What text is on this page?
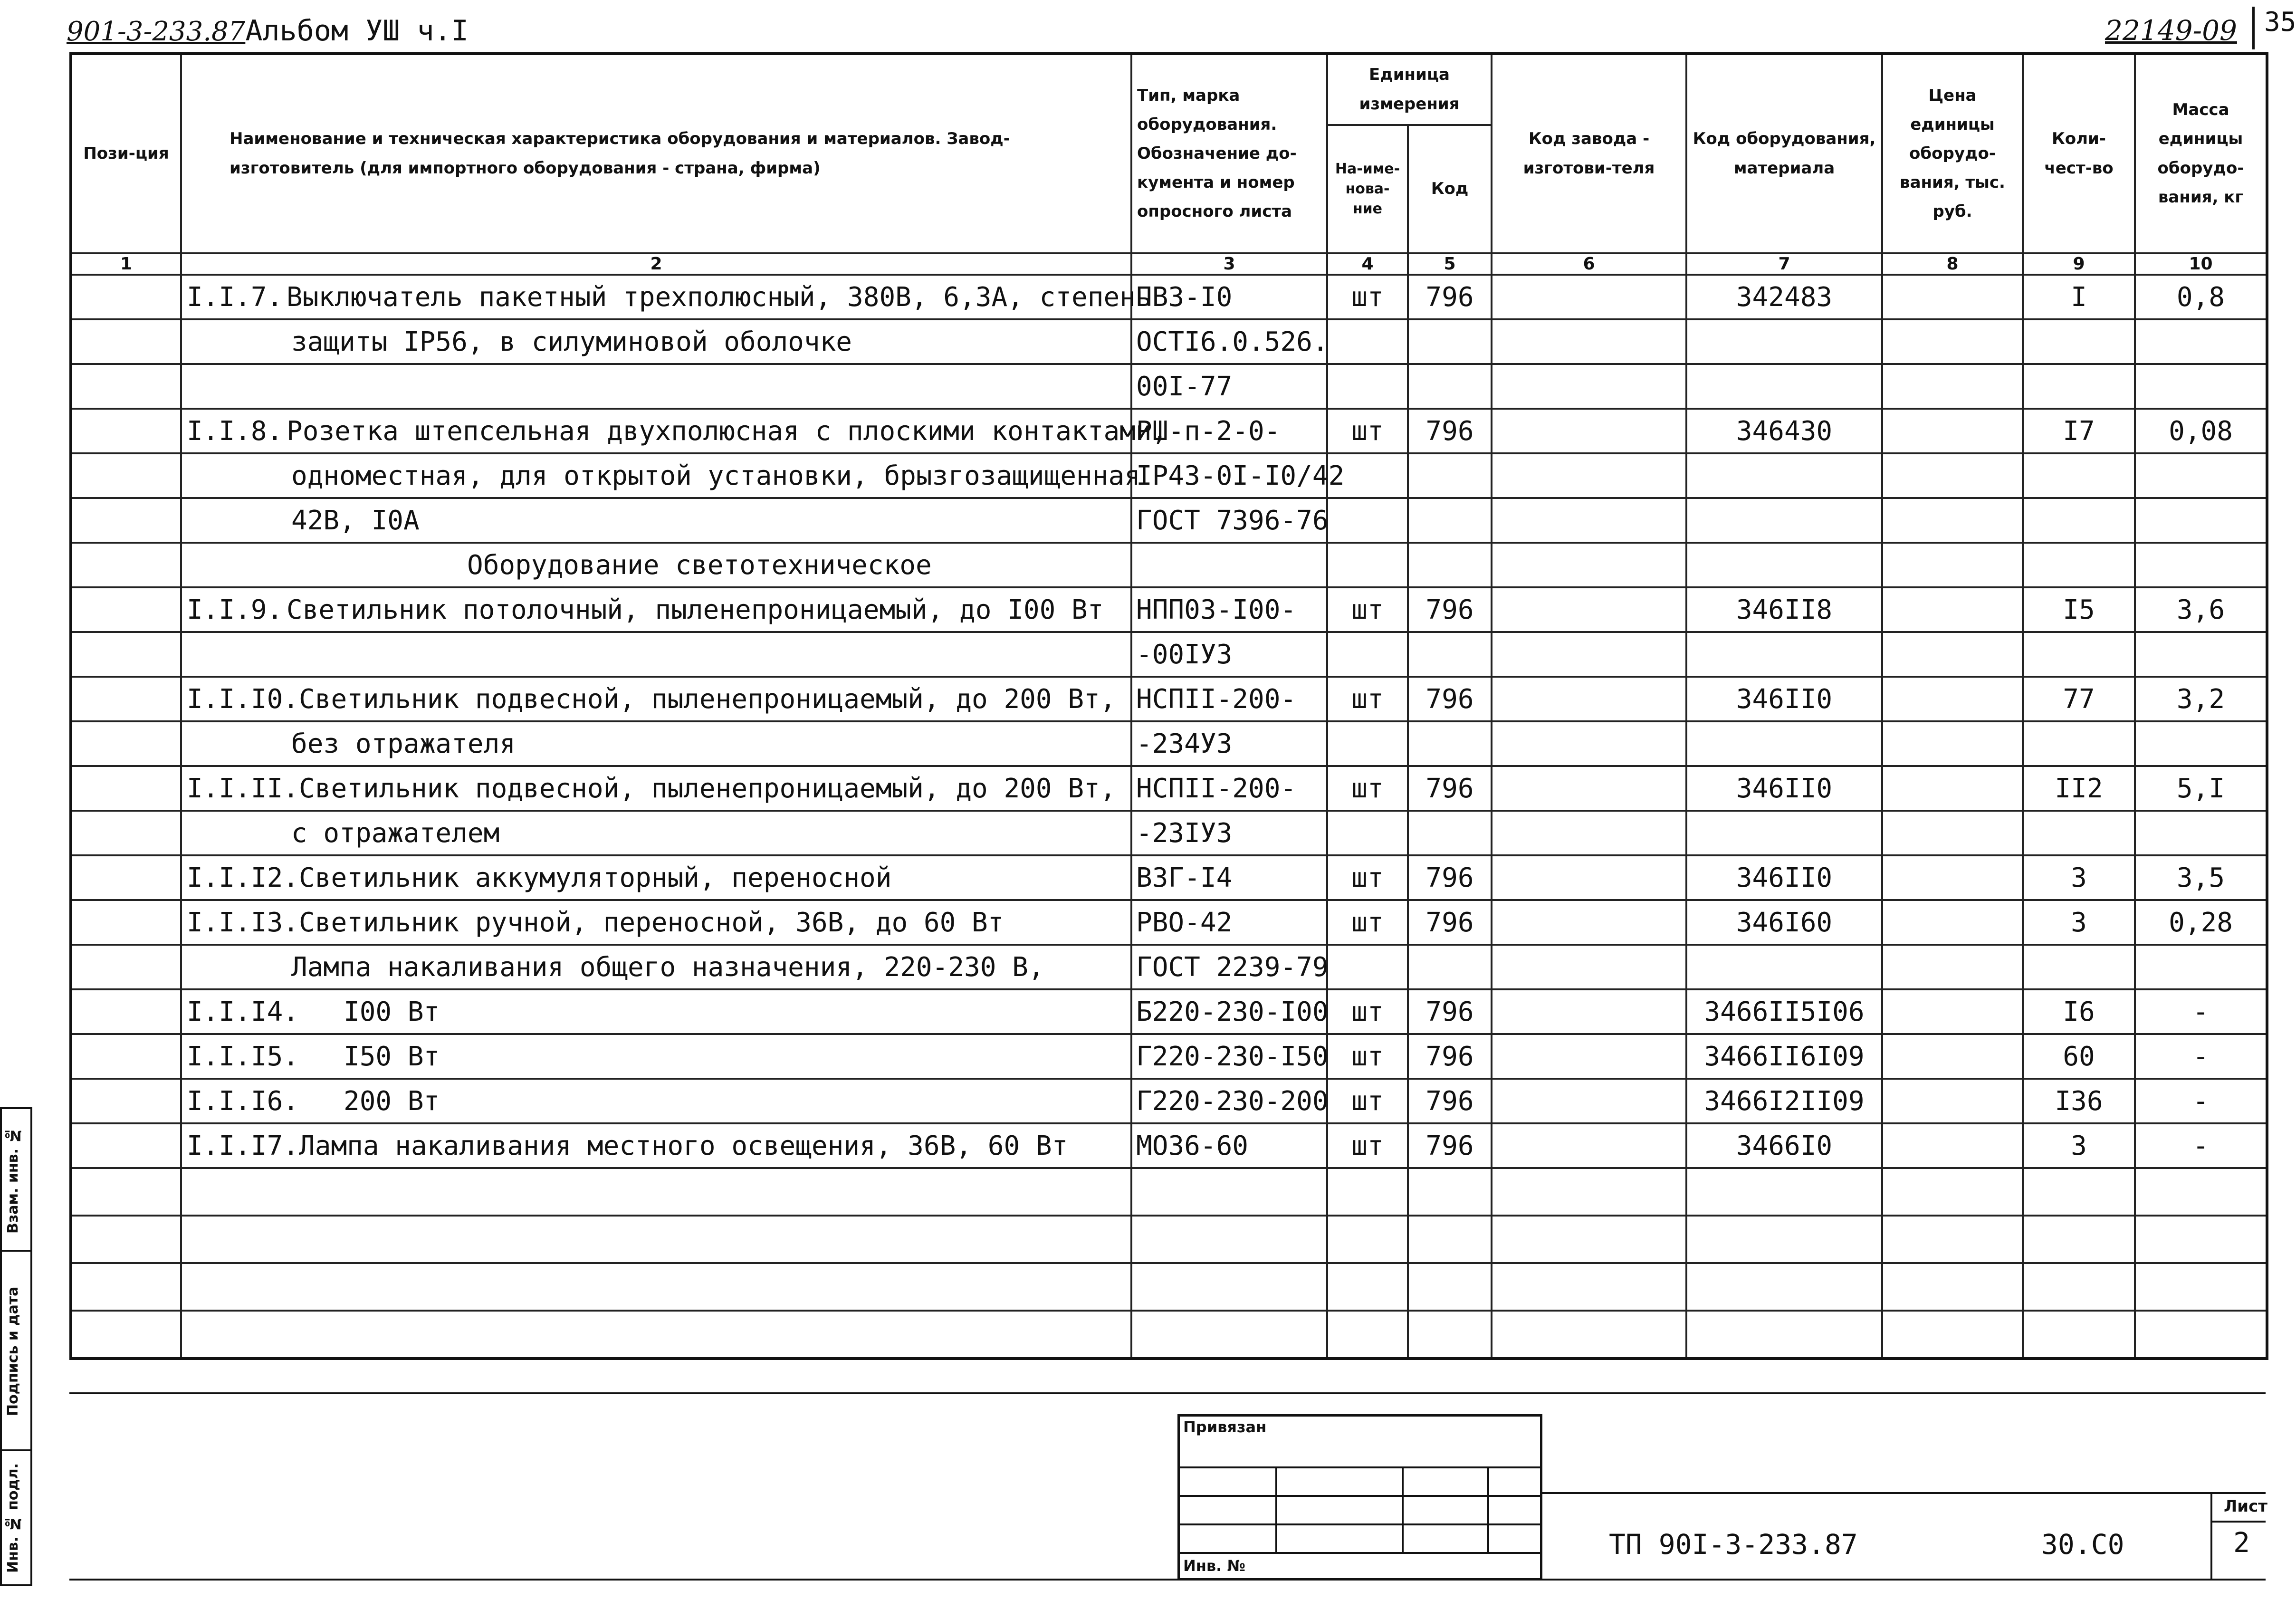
901-3-233.87Альбом УШ ч.I	22149-09	35
Пози-ция	Наименование и техническая характеристика оборудования и материалов. Завод-изготовитель (для импортного оборудования - страна, фирма)	Тип, марка оборудования. Обозначение до-кумента и номер опросного листа	Единица измерения		Код завода - изготови-теля	Код оборудования, материала	Цена единицы оборудо-вания, тыс. руб.	Коли-чест-во	Масса единицы оборудо-вания, кг
			На-име-нова-ние	Код					
1	2	3	4	5	6	7	8	9	10
	I.I.7. Выключатель пакетный трехполюсный, 380В, 6,3А, степень	ПВЗ-I0	шт	796		342483		I	0,8
	защиты IP56, в силуминовой оболочке	ОСТI6.0.526.							
		00I-77							
	I.I.8. Розетка штепсельная двухполюсная с плоскими контактами,	РШ-п-2-0-	шт	796		346430		I7	0,08
	одноместная, для открытой установки, брызгозащищенная	IP43-0I-I0/42							
	42В, I0А	ГОСТ 7396-76							
	Оборудование светотехническое								
	I.I.9. Светильник потолочный, пыленепроницаемый, до I00 Вт	НПП03-I00-	шт	796		346II8		I5	3,6
		-00IУ3							
	I.I.I0.Светильник подвесной, пыленепроницаемый, до 200 Вт,	НСПII-200-	шт	796		346II0		77	3,2
	без отражателя	-234У3							
	I.I.II.Светильник подвесной, пыленепроницаемый, до 200 Вт,	НСПII-200-	шт	796		346II0		II2	5,I
	с отражателем	-23IУ3							
	I.I.I2.Светильник аккумуляторный, переносной	ВЗГ-I4	шт	796		346II0		3	3,5
	I.I.I3.Светильник ручной, переносной, 36В, до 60 Вт	РВО-42	шт	796		346I60		3	0,28
	Лампа накаливания общего назначения, 220-230 В,	ГОСТ 2239-79							
	I.I.I4. I00 Вт	Б220-230-I00	шт	796		3466II5I06		I6	-
	I.I.I5. I50 Вт	Г220-230-I50	шт	796		3466II6I09		60	-
	I.I.I6. 200 Вт	Г220-230-200	шт	796		3466I2II09		I36	-
	I.I.I7.Лампа накаливания местного освещения, 36В, 60 Вт	МО36-60	шт	796		3466I0		3	-

Взам. инв. №
Подпись и дата
Инв. № подл.
Привязан
Инв. №
ТП 90I-3-233.87	30.С0
Лист
2
